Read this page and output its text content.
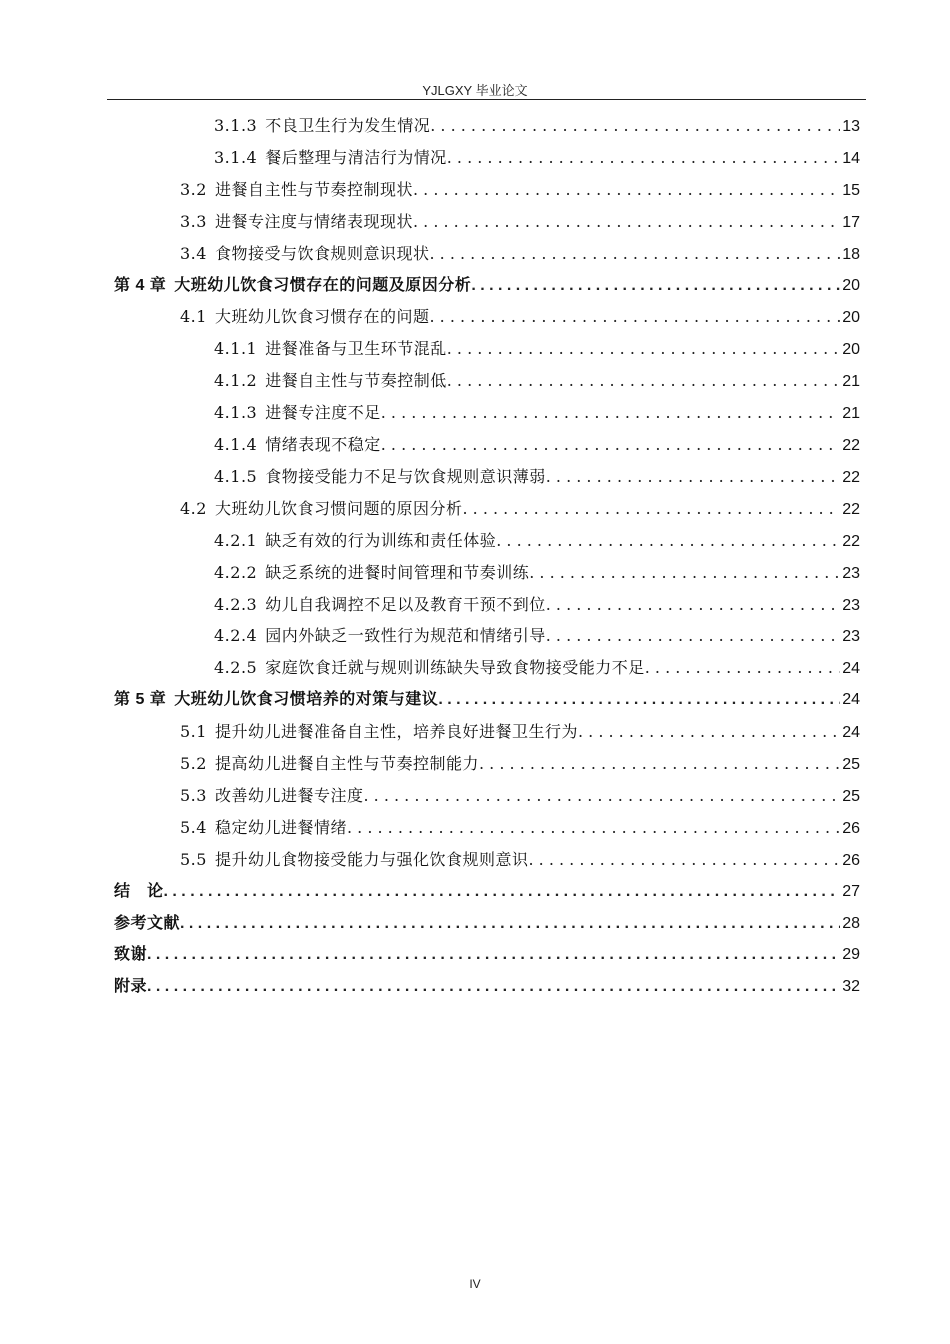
YJLGXY 毕业论文
3.1.3 不良卫生行为发生情况 . . .	13
3.1.4 餐后整理与清洁行为情况 . . .	14
3.2 进餐自主性与节奏控制现状 . . .	15
3.3 进餐专注度与情绪表现现状 . . .	17
3.4 食物接受与饮食规则意识现状 . . .	18
第 4 章 大班幼儿饮食习惯存在的问题及原因分析 . . .	20
4.1 大班幼儿饮食习惯存在的问题 . . .	20
4.1.1 进餐准备与卫生环节混乱 . . .	20
4.1.2 进餐自主性与节奏控制低 . . .	21
4.1.3 进餐专注度不足 . . .	21
4.1.4 情绪表现不稳定 . . .	22
4.1.5 食物接受能力不足与饮食规则意识薄弱 . . .	22
4.2 大班幼儿饮食习惯问题的原因分析 . . .	22
4.2.1 缺乏有效的行为训练和责任体验 . . .	22
4.2.2 缺乏系统的进餐时间管理和节奏训练 . . .	23
4.2.3 幼儿自我调控不足以及教育干预不到位 . . .	23
4.2.4 园内外缺乏一致性行为规范和情绪引导 . . .	23
4.2.5 家庭饮食迁就与规则训练缺失导致食物接受能力不足 . . .	24
第 5 章 大班幼儿饮食习惯培养的对策与建议 . . .	24
5.1 提升幼儿进餐准备自主性，培养良好进餐卫生行为 . . .	24
5.2 提高幼儿进餐自主性与节奏控制能力 . . .	25
5.3 改善幼儿进餐专注度 . . .	25
5.4 稳定幼儿进餐情绪 . . .	26
5.5 提升幼儿食物接受能力与强化饮食规则意识 . . .	26
结　论 . . .	27
参考文献 . . .	28
致谢 . . .	29
附录 . . .	32
IV
